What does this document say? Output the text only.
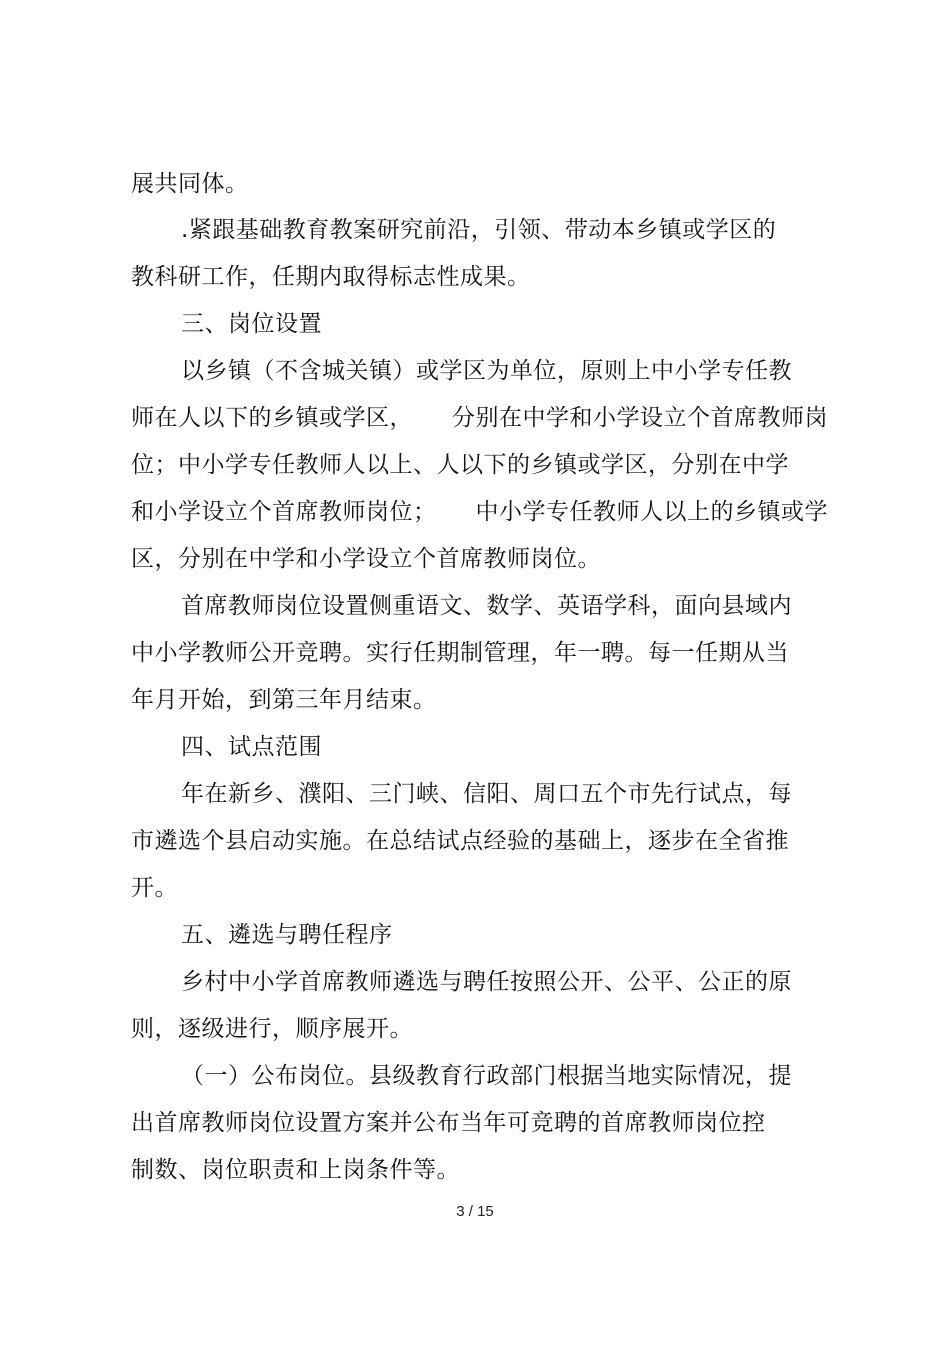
展共同体。
.紧跟基础教育教案研究前沿，引领、带动本乡镇或学区的
教科研工作，任期内取得标志性成果。
三、岗位设置
以乡镇（不含城关镇）或学区为单位，原则上中小学专任教
师在人以下的乡镇或学区，     分别在中学和小学设立个首席教师岗
位；中小学专任教师人以上、人以下的乡镇或学区，分别在中学
和小学设立个首席教师岗位；     中小学专任教师人以上的乡镇或学
区，分别在中学和小学设立个首席教师岗位。
首席教师岗位设置侧重语文、数学、英语学科，面向县域内
中小学教师公开竞聘。实行任期制管理，年一聘。每一任期从当
年月开始，到第三年月结束。
四、试点范围
年在新乡、濮阳、三门峡、信阳、周口五个市先行试点，每
市遴选个县启动实施。在总结试点经验的基础上，逐步在全省推
开。
五、遴选与聘任程序
乡村中小学首席教师遴选与聘任按照公开、公平、公正的原
则，逐级进行，顺序展开。
（一）公布岗位。县级教育行政部门根据当地实际情况，提
出首席教师岗位设置方案并公布当年可竞聘的首席教师岗位控
制数、岗位职责和上岗条件等。
3 / 15
